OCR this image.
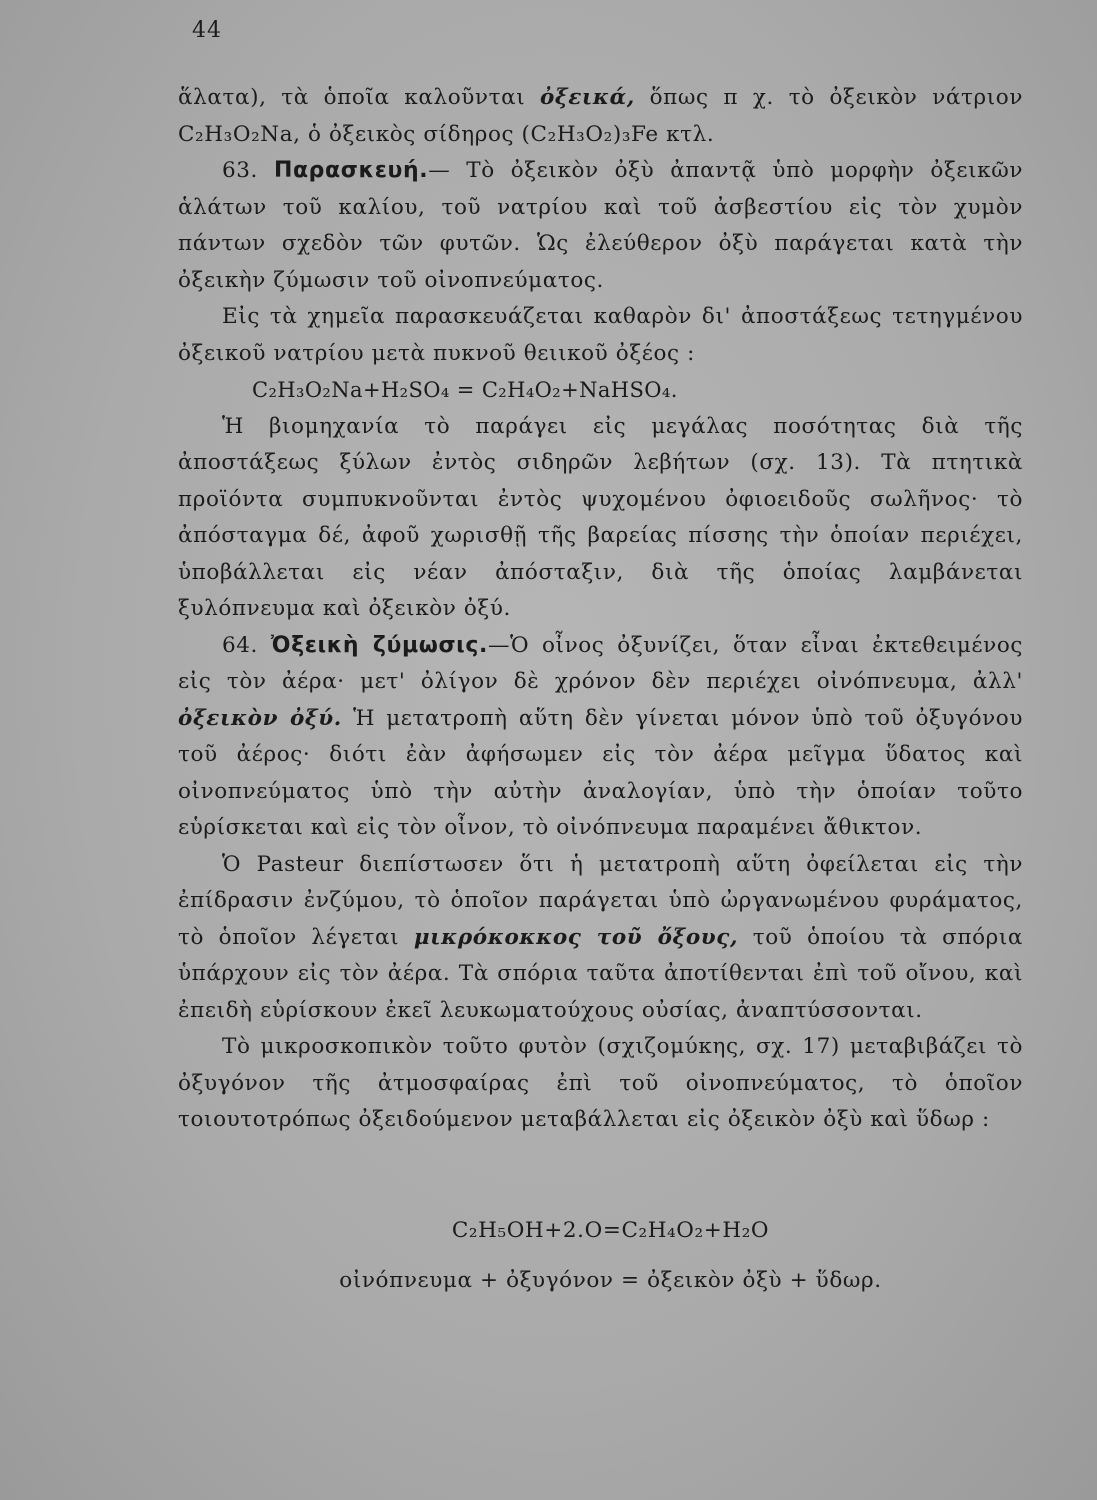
44

ἅλατα), τὰ ὁποῖα καλοῦνται ὀξεικά, ὅπως π χ. τὸ ὀξεικὸν νάτριον C₂H₃O₂Na, ὁ ὀξεικὸς σίδηρος (C₂H₃O₂)₃Fe κτλ.

63. Παρασκευή.— Τὸ ὀξεικὸν ὀξὺ ἀπαντᾷ ὑπὸ μορφὴν ὀξεικῶν ἁλάτων τοῦ καλίου, τοῦ νατρίου καὶ τοῦ ἀσβεστίου εἰς τὸν χυμὸν πάντων σχεδὸν τῶν φυτῶν. Ὡς ἐλεύθερον ὀξὺ παράγεται κατὰ τὴν ὀξεικὴν ζύμωσιν τοῦ οἰνοπνεύματος.

Εἰς τὰ χημεῖα παρασκευάζεται καθαρὸν δι' ἀποστάξεως τετηγμένου ὀξεικοῦ νατρίου μετὰ πυκνοῦ θειικοῦ ὀξέος :

C₂H₃O₂Na+H₂SO₄ = C₂H₄O₂+NaHSO₄.

Ἡ βιομηχανία τὸ παράγει εἰς μεγάλας ποσότητας διὰ τῆς ἀποστάξεως ξύλων ἐντὸς σιδηρῶν λεβήτων (σχ. 13). Τὰ πτητικὰ προϊόντα συμπυκνοῦνται ἐντὸς ψυχομένου ὀφιοειδοῦς σωλῆνος· τὸ ἀπόσταγμα δέ, ἀφοῦ χωρισθῇ τῆς βαρείας πίσσης τὴν ὁποίαν περιέχει, ὑποβάλλεται εἰς νέαν ἀπόσταξιν, διὰ τῆς ὁποίας λαμβάνεται ξυλόπνευμα καὶ ὀξεικὸν ὀξύ.

64. Ὀξεικὴ ζύμωσις.—Ὁ οἶνος ὀξυνίζει, ὅταν εἶναι ἐκτεθειμένος εἰς τὸν ἀέρα· μετ' ὀλίγον δὲ χρόνον δὲν περιέχει οἰνόπνευμα, ἀλλ' ὀξεικὸν ὀξύ. Ἡ μετατροπὴ αὕτη δὲν γίνεται μόνον ὑπὸ τοῦ ὀξυγόνου τοῦ ἀέρος· διότι ἐὰν ἀφήσωμεν εἰς τὸν ἀέρα μεῖγμα ὕδατος καὶ οἰνοπνεύματος ὑπὸ τὴν αὐτὴν ἀναλογίαν, ὑπὸ τὴν ὁποίαν τοῦτο εὑρίσκεται καὶ εἰς τὸν οἶνον, τὸ οἰνόπνευμα παραμένει ἄθικτον.

Ὁ Pasteur διεπίστωσεν ὅτι ἡ μετατροπὴ αὕτη ὀφείλεται εἰς τὴν ἐπίδρασιν ἐνζύμου, τὸ ὁποῖον παράγεται ὑπὸ ὠργανωμένου φυράματος, τὸ ὁποῖον λέγεται μικρόκοκκος τοῦ ὄξους, τοῦ ὁποίου τὰ σπόρια ὑπάρχουν εἰς τὸν ἀέρα. Τὰ σπόρια ταῦτα ἀποτίθενται ἐπὶ τοῦ οἴνου, καὶ ἐπειδὴ εὑρίσκουν ἐκεῖ λευκωματούχους οὐσίας, ἀναπτύσσονται.

Τὸ μικροσκοπικὸν τοῦτο φυτὸν (σχιζομύκης, σχ. 17) μεταβιβάζει τὸ ὀξυγόνον τῆς ἀτμοσφαίρας ἐπὶ τοῦ οἰνοπνεύματος, τὸ ὁποῖον τοιουτοτρόπως ὀξειδούμενον μεταβάλλεται εἰς ὀξεικὸν ὀξὺ καὶ ὕδωρ :

C₂H₅OH+2.O=C₂H₄O₂+H₂O

οἰνόπνευμα + ὀξυγόνον = ὀξεικὸν ὀξὺ + ὕδωρ.
